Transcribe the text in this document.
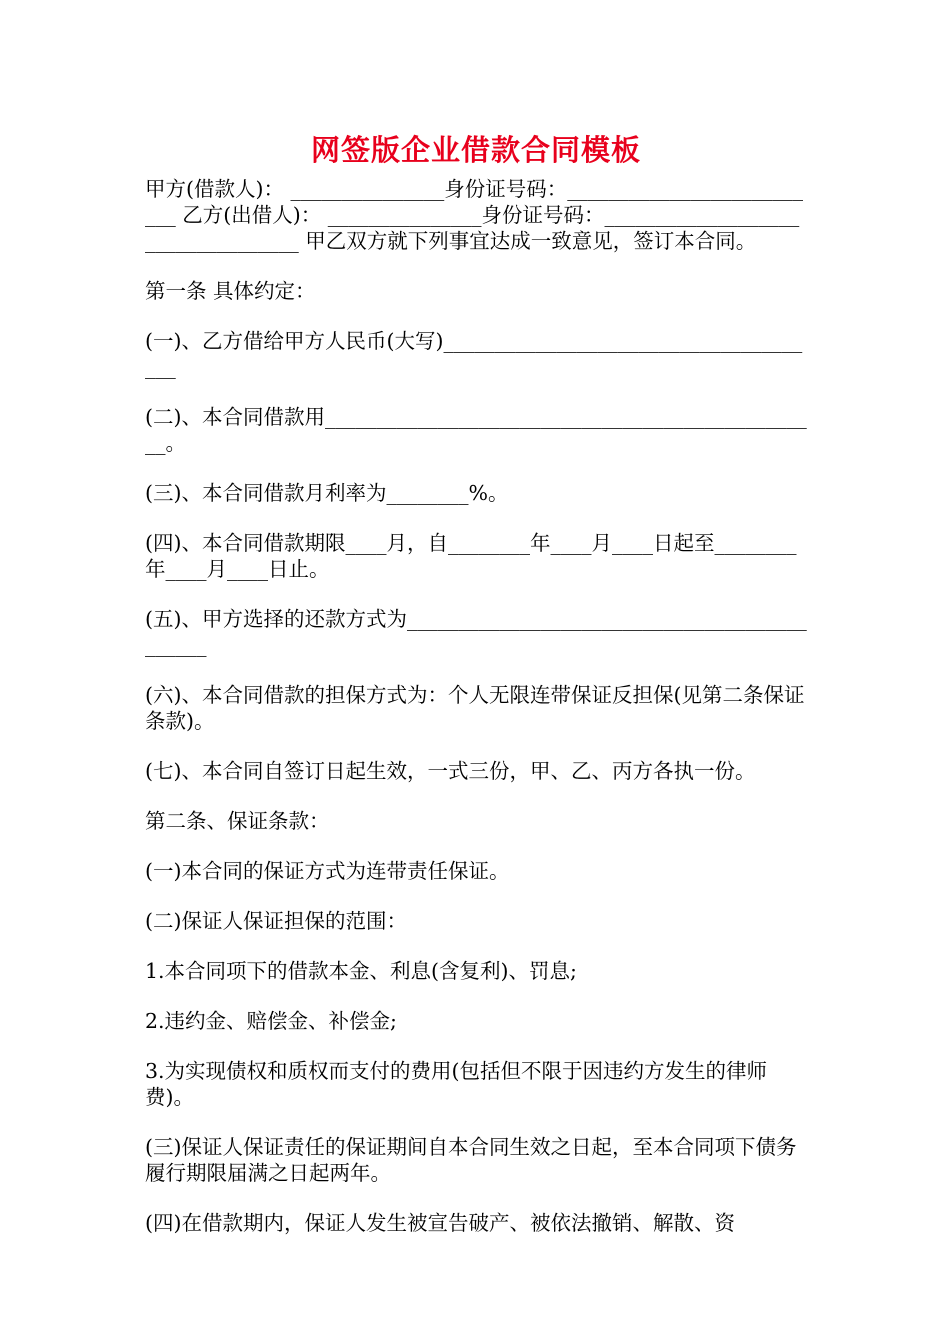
网签版企业借款合同模板

甲方(借款人)： _______________身份证号码：__________________________ 乙方(出借人)： _______________身份证号码：__________________________________ 甲乙双方就下列事宜达成一致意见，签订本合同。

第一条 具体约定：

(一)、乙方借给甲方人民币(大写)______________________________________

(二)、本合同借款用_________________________________________________。

(三)、本合同借款月利率为________%。

(四)、本合同借款期限____月，自________年____月____日起至________年____月____日止。

(五)、甲方选择的还款方式为_____________________________________________

(六)、本合同借款的担保方式为：个人无限连带保证反担保(见第二条保证条款)。

(七)、本合同自签订日起生效，一式三份，甲、乙、丙方各执一份。

第二条、保证条款：

(一)本合同的保证方式为连带责任保证。

(二)保证人保证担保的范围：

1.本合同项下的借款本金、利息(含复利)、罚息;

2.违约金、赔偿金、补偿金;

3.为实现债权和质权而支付的费用(包括但不限于因违约方发生的律师费)。

(三)保证人保证责任的保证期间自本合同生效之日起，至本合同项下债务履行期限届满之日起两年。

(四)在借款期内，保证人发生被宣告破产、被依法撤销、解散、资
